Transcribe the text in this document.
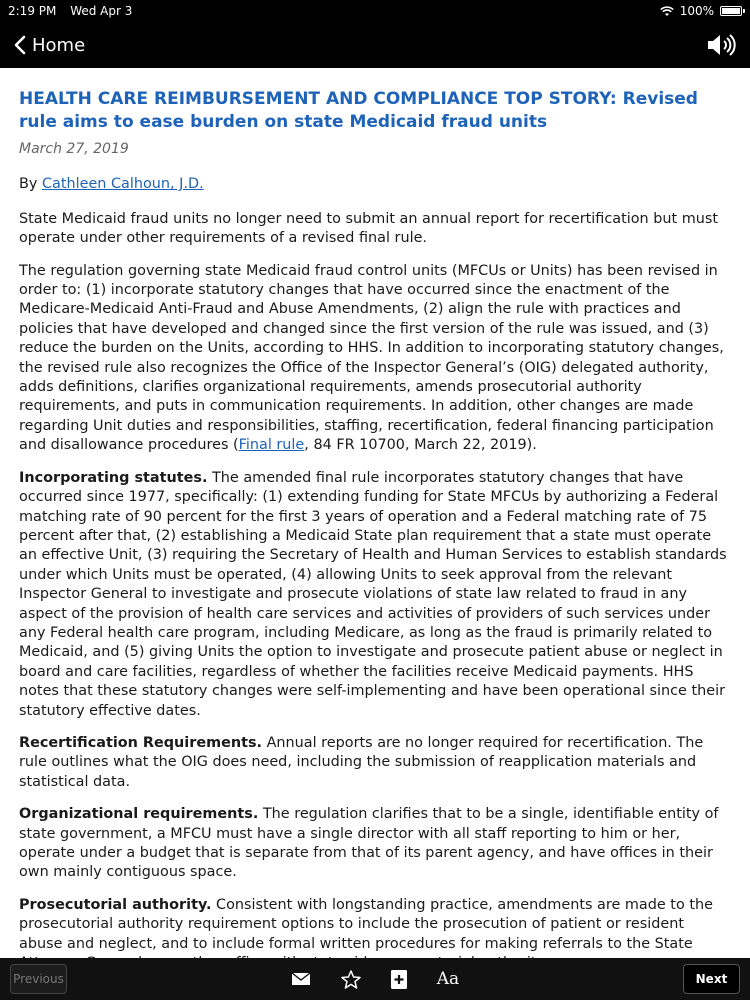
2:19 PM Wed Apr 3	100%
Home
HEALTH CARE REIMBURSEMENT AND COMPLIANCE TOP STORY: Revised rule aims to ease burden on state Medicaid fraud units
March 27, 2019
By Cathleen Calhoun, J.D.

State Medicaid fraud units no longer need to submit an annual report for recertification but must operate under other requirements of a revised final rule.

The regulation governing state Medicaid fraud control units (MFCUs or Units) has been revised in order to: (1) incorporate statutory changes that have occurred since the enactment of the Medicare-Medicaid Anti-Fraud and Abuse Amendments, (2) align the rule with practices and policies that have developed and changed since the first version of the rule was issued, and (3) reduce the burden on the Units, according to HHS. In addition to incorporating statutory changes, the revised rule also recognizes the Office of the Inspector General’s (OIG) delegated authority, adds definitions, clarifies organizational requirements, amends prosecutorial authority requirements, and puts in communication requirements. In addition, other changes are made regarding Unit duties and responsibilities, staffing, recertification, federal financing participation and disallowance procedures (Final rule, 84 FR 10700, March 22, 2019).

Incorporating statutes. The amended final rule incorporates statutory changes that have occurred since 1977, specifically: (1) extending funding for State MFCUs by authorizing a Federal matching rate of 90 percent for the first 3 years of operation and a Federal matching rate of 75 percent after that, (2) establishing a Medicaid State plan requirement that a state must operate an effective Unit, (3) requiring the Secretary of Health and Human Services to establish standards under which Units must be operated, (4) allowing Units to seek approval from the relevant Inspector General to investigate and prosecute violations of state law related to fraud in any aspect of the provision of health care services and activities of providers of such services under any Federal health care program, including Medicare, as long as the fraud is primarily related to Medicaid, and (5) giving Units the option to investigate and prosecute patient abuse or neglect in board and care facilities, regardless of whether the facilities receive Medicaid payments. HHS notes that these statutory changes were self-implementing and have been operational since their statutory effective dates.

Recertification Requirements. Annual reports are no longer required for recertification. The rule outlines what the OIG does need, including the submission of reapplication materials and statistical data.

Organizational requirements. The regulation clarifies that to be a single, identifiable entity of state government, a MFCU must have a single director with all staff reporting to him or her, operate under a budget that is separate from that of its parent agency, and have offices in their own mainly contiguous space.

Prosecutorial authority. Consistent with longstanding practice, amendments are made to the prosecutorial authority requirement options to include the prosecution of patient or resident abuse and neglect, and to include formal written procedures for making referrals to the State

Previous	Aa	Next
